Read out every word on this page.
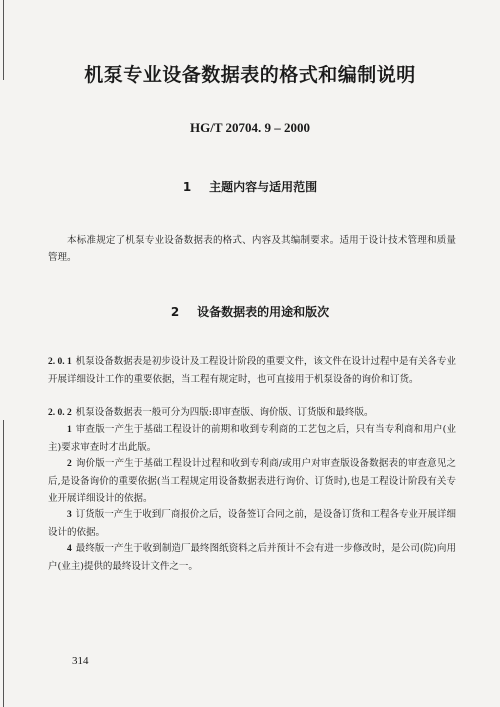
机泵专业设备数据表的格式和编制说明
HG/T 20704. 9 – 2000
1 主题内容与适用范围
本标准规定了机泵专业设备数据表的格式、内容及其编制要求。适用于设计技术管理和质量管理。
2 设备数据表的用途和版次
2. 0. 1 机泵设备数据表是初步设计及工程设计阶段的重要文件，该文件在设计过程中是有关各专业开展详细设计工作的重要依据，当工程有规定时，也可直接用于机泵设备的询价和订货。
2. 0. 2 机泵设备数据表一般可分为四版:即审查版、询价版、订货版和最终版。
1 审查版一产生于基础工程设计的前期和收到专利商的工艺包之后，只有当专利商和用户(业主)要求审查时才出此版。
2 询价版一产生于基础工程设计过程和收到专利商/或用户对审查版设备数据表的审查意见之后,是设备询价的重要依据(当工程规定用设备数据表进行询价、订货时),也是工程设计阶段有关专业开展详细设计的依据。
3 订货版一产生于收到厂商报价之后，设备签订合同之前，是设备订货和工程各专业开展详细设计的依据。
4 最终版一产生于收到制造厂最终图纸资料之后并预计不会有进一步修改时，是公司(院)向用户(业主)提供的最终设计文件之一。
314
